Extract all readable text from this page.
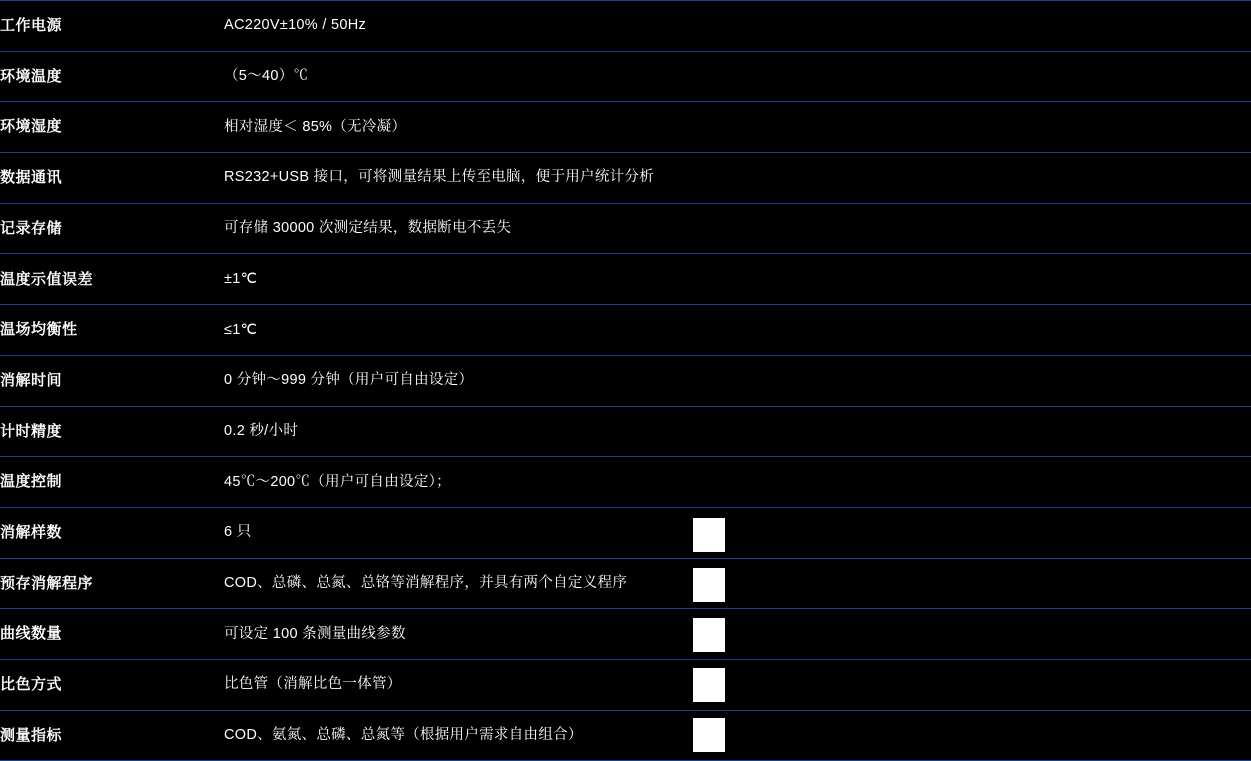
工作电源	AC220V±10% / 50Hz
环境温度	（5〜40）℃
环境湿度	相对湿度＜ 85%（无冷凝）
数据通讯	RS232+USB 接口，可将测量结果上传至电脑，便于用户统计分析
记录存储	可存储 30000 次测定结果，数据断电不丢失
温度示值误差	±1℃
温场均衡性	≤1℃
消解时间	0 分钟〜999 分钟（用户可自由设定）
计时精度	0.2 秒/小时
温度控制	45℃〜200℃（用户可自由设定）；
消解样数	6 只
预存消解程序	COD、总磷、总氮、总铬等消解程序，并具有两个自定义程序
曲线数量	可设定 100 条测量曲线参数
比色方式	比色管（消解比色一体管）
测量指标	COD、氨氮、总磷、总氮等（根据用户需求自由组合）
